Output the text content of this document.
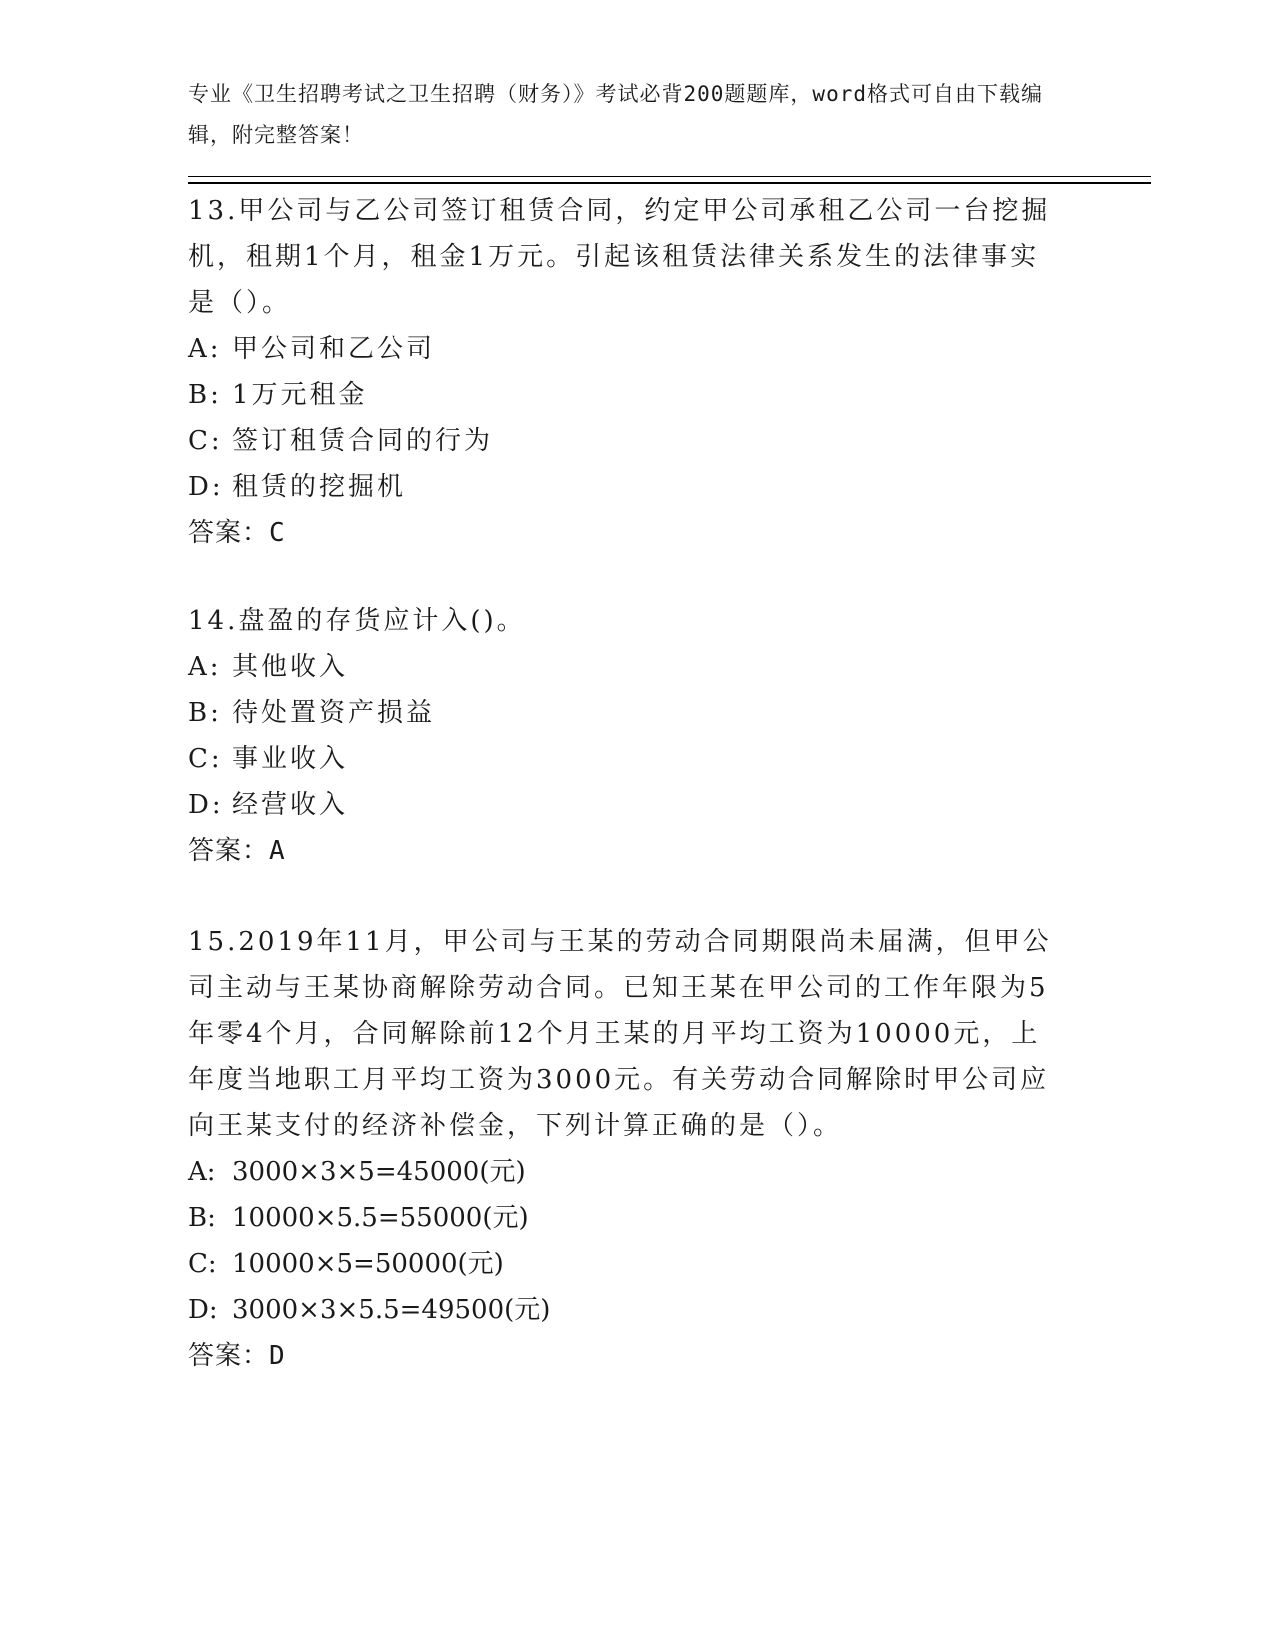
专业《卫生招聘考试之卫生招聘（财务）》考试必背200题题库，word格式可自由下载编辑，附完整答案！

13.甲公司与乙公司签订租赁合同，约定甲公司承租乙公司一台挖掘机，租期1个月，租金1万元。引起该租赁法律关系发生的法律事实是（）。

A: 甲公司和乙公司

B: 1万元租金

C: 签订租赁合同的行为

D: 租赁的挖掘机

答案：C

14.盘盈的存货应计入()。

A: 其他收入

B: 待处置资产损益

C: 事业收入

D: 经营收入

答案：A

15.2019年11月，甲公司与王某的劳动合同期限尚未届满，但甲公司主动与王某协商解除劳动合同。已知王某在甲公司的工作年限为5年零4个月，合同解除前12个月王某的月平均工资为10000元，上年度当地职工月平均工资为3000元。有关劳动合同解除时甲公司应向王某支付的经济补偿金，下列计算正确的是（）。

A: 3000×3×5=45000(元)

B: 10000×5.5=55000(元)

C: 10000×5=50000(元)

D: 3000×3×5.5=49500(元)

答案：D
